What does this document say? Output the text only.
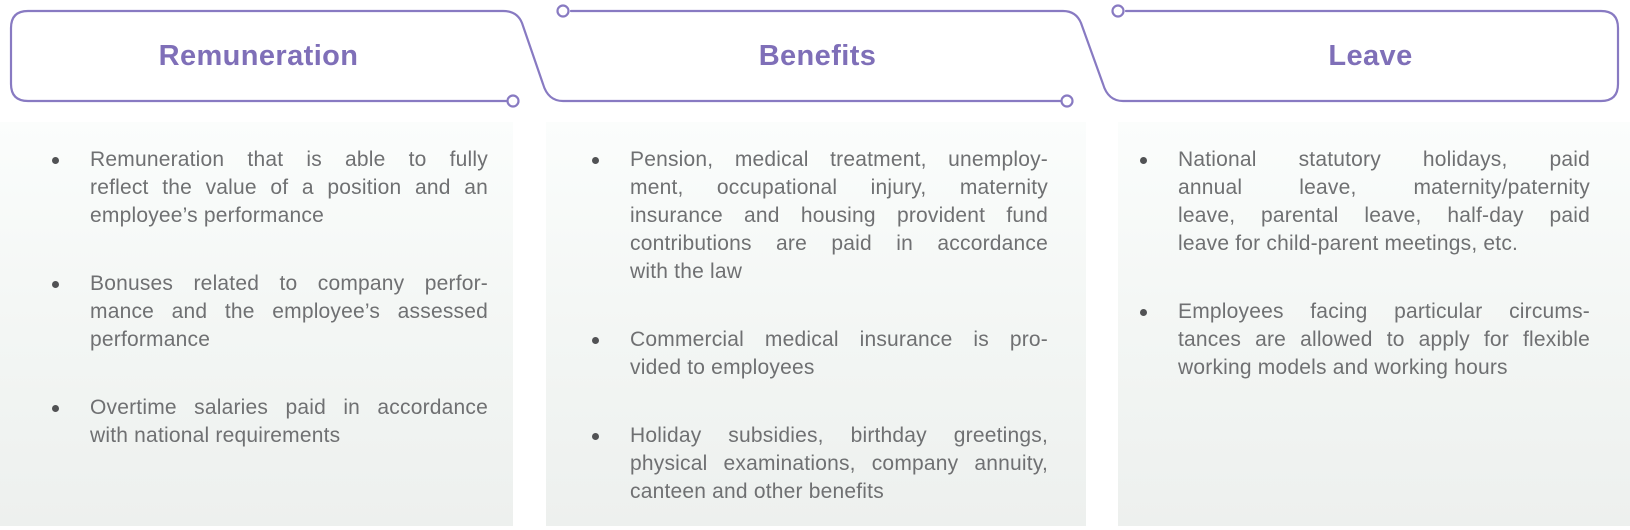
Remuneration	Benefits	Leave
Remuneration that is able to fully
reflect the value of a position and an
employee’s performance
Bonuses related to company perfor-
mance and the employee’s assessed
performance
Overtime salaries paid in accordance
with national requirements
Pension, medical treatment, unemploy-
ment, occupational injury, maternity
insurance and housing provident fund
contributions are paid in accordance
with the law
Commercial medical insurance is pro-
vided to employees
Holiday subsidies, birthday greetings,
physical examinations, company annuity,
canteen and other benefits
National statutory holidays, paid
annual leave, maternity/paternity
leave, parental leave, half-day paid
leave for child-parent meetings, etc.
Employees facing particular circums-
tances are allowed to apply for flexible
working models and working hours
